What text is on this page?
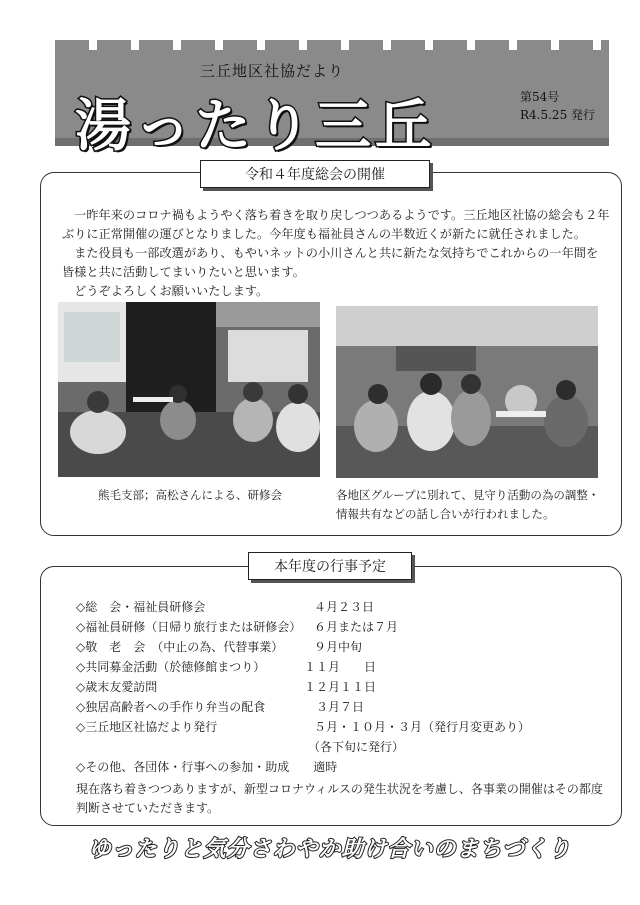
三丘地区社協だより
湯ったり三丘	第54号
R4.5.25 発行
令和４年度総会の開催

　一昨年来のコロナ禍もようやく落ち着きを取り戻しつつあるようです。三丘地区社協の総会も２年ぶりに正常開催の運びとなりました。今年度も福祉員さんの半数近くが新たに就任されました。

　また役員も一部改選があり、もやいネットの小川さんと共に新たな気持ちでこれからの一年間を皆様と共に活動してまいりたいと思います。

　どうぞよろしくお願いいたします。

熊毛支部；高松さんによる、研修会	各地区グループに別れて、見守り活動の為の調整・情報共有などの話し合いが行われました。
本年度の行事予定
◇総　会・福祉員研修会	４月２３日
◇福祉員研修（日帰り旅行または研修会） ６月または７月
◇敬　老　会　（中止の為、代替事業）	９月中旬
◇共同募金活動（於徳修館まつり）	１１月　　日
◇歳末友愛訪問	１２月１１日
◇独居高齢者への手作り弁当の配食	３月７日
◇三丘地区社協だより発行	５月・１０月・３月（発行月変更あり）
（各下旬に発行）
◇その他、各団体・行事への参加・助成　　適時
現在落ち着きつつありますが、新型コロナウィルスの発生状況を考慮し、各事業の開催はその都度判断させていただきます。
ゆったりと気分さわやか助け合いのまちづくり
